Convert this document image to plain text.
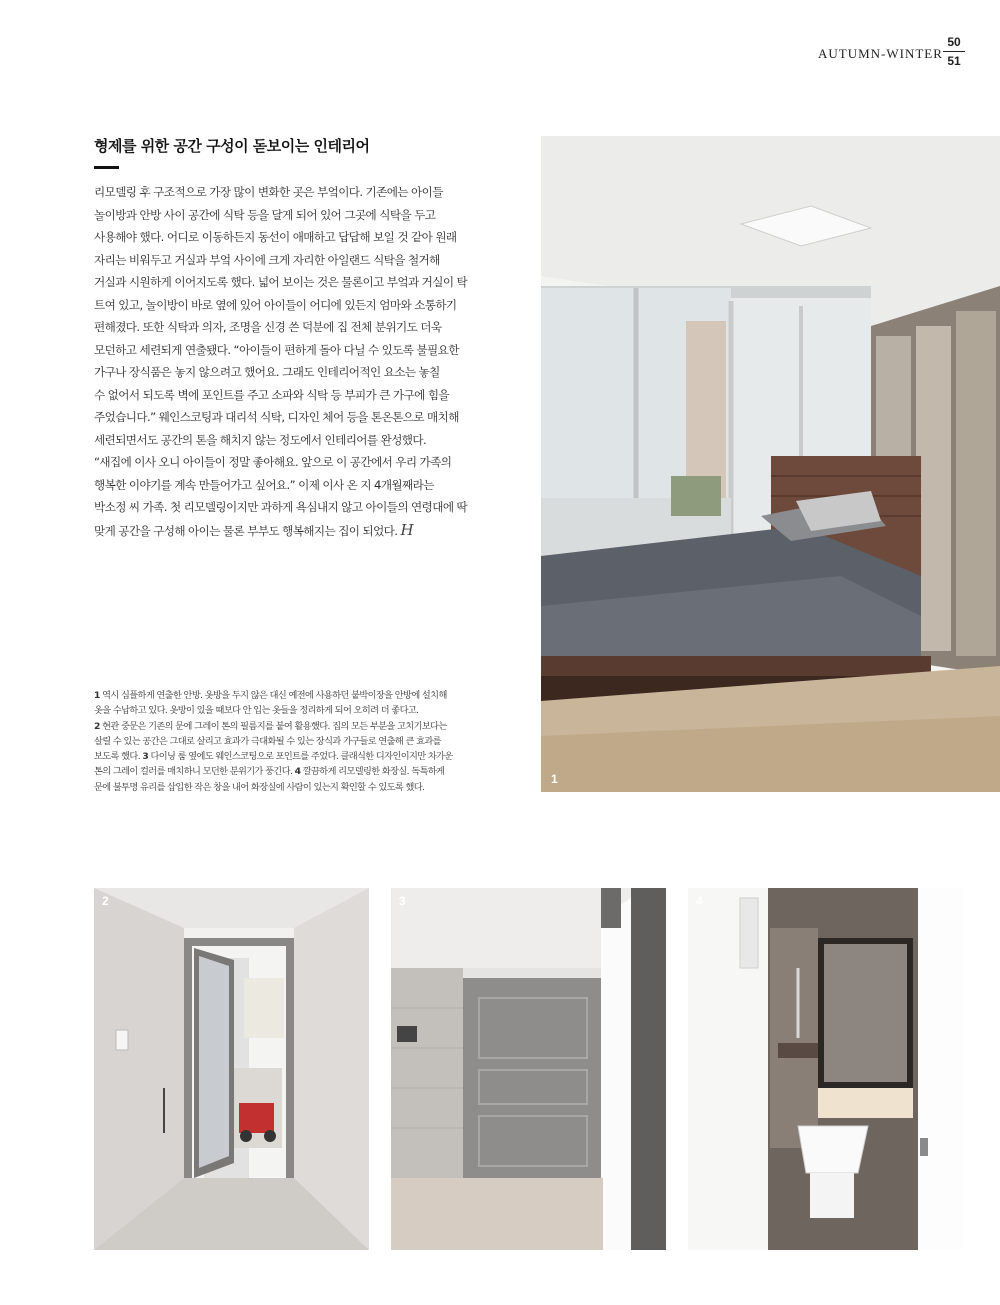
AUTUMN-WINTER
50
51
형제를 위한 공간 구성이 돋보이는 인테리어

리모델링 후 구조적으로 가장 많이 변화한 곳은 부엌이다. 기존에는 아이들

놀이방과 안방 사이 공간에 식탁 등을 달게 되어 있어 그곳에 식탁을 두고

사용해야 했다. 어디로 이동하든지 동선이 애매하고 답답해 보일 것 같아 원래

자리는 비워두고 거실과 부엌 사이에 크게 자리한 아일랜드 식탁을 철거해

거실과 시원하게 이어지도록 했다. 넓어 보이는 것은 물론이고 부엌과 거실이 탁

트여 있고, 놀이방이 바로 옆에 있어 아이들이 어디에 있든지 엄마와 소통하기

편해졌다. 또한 식탁과 의자, 조명을 신경 쓴 덕분에 집 전체 분위기도 더욱

모던하고 세련되게 연출됐다. “아이들이 편하게 돌아 다닐 수 있도록 불필요한

가구나 장식품은 놓지 않으려고 했어요. 그래도 인테리어적인 요소는 놓칠

수 없어서 되도록 벽에 포인트를 주고 소파와 식탁 등 부피가 큰 가구에 힘을

주었습니다.” 웨인스코팅과 대리석 식탁, 디자인 체어 등을 톤온톤으로 매치해

세련되면서도 공간의 톤을 해치지 않는 정도에서 인테리어를 완성했다.

“새집에 이사 오니 아이들이 정말 좋아해요. 앞으로 이 공간에서 우리 가족의

행복한 이야기를 계속 만들어가고 싶어요.” 이제 이사 온 지 4개월째라는

박소정 씨 가족. 첫 리모델링이지만 과하게 욕심내지 않고 아이들의 연령대에 딱

맞게 공간을 구성해 아이는 물론 부부도 행복해지는 집이 되었다. H

1 역시 심플하게 연출한 안방. 옷방을 두지 않은 대신 예전에 사용하던 붙박이장을 안방에 설치해

옷을 수납하고 있다. 옷방이 있을 때보다 안 입는 옷들을 정리하게 되어 오히려 더 좋다고.

2 현관 중문은 기존의 문에 그레이 톤의 필름지를 붙여 활용했다. 집의 모든 부분을 고치기보다는

살릴 수 있는 공간은 그대로 살리고 효과가 극대화될 수 있는 장식과 가구들로 연출해 큰 효과를

보도록 했다. 3 다이닝 룸 옆에도 웨인스코팅으로 포인트를 주었다. 클래식한 디자인이지만 차가운

톤의 그레이 컬러를 매치하니 모던한 분위기가 풍긴다. 4 깔끔하게 리모델링한 화장실. 독특하게

문에 불투명 유리를 삽입한 작은 창을 내어 화장실에 사람이 있는지 확인할 수 있도록 했다.

1
2	3	4
